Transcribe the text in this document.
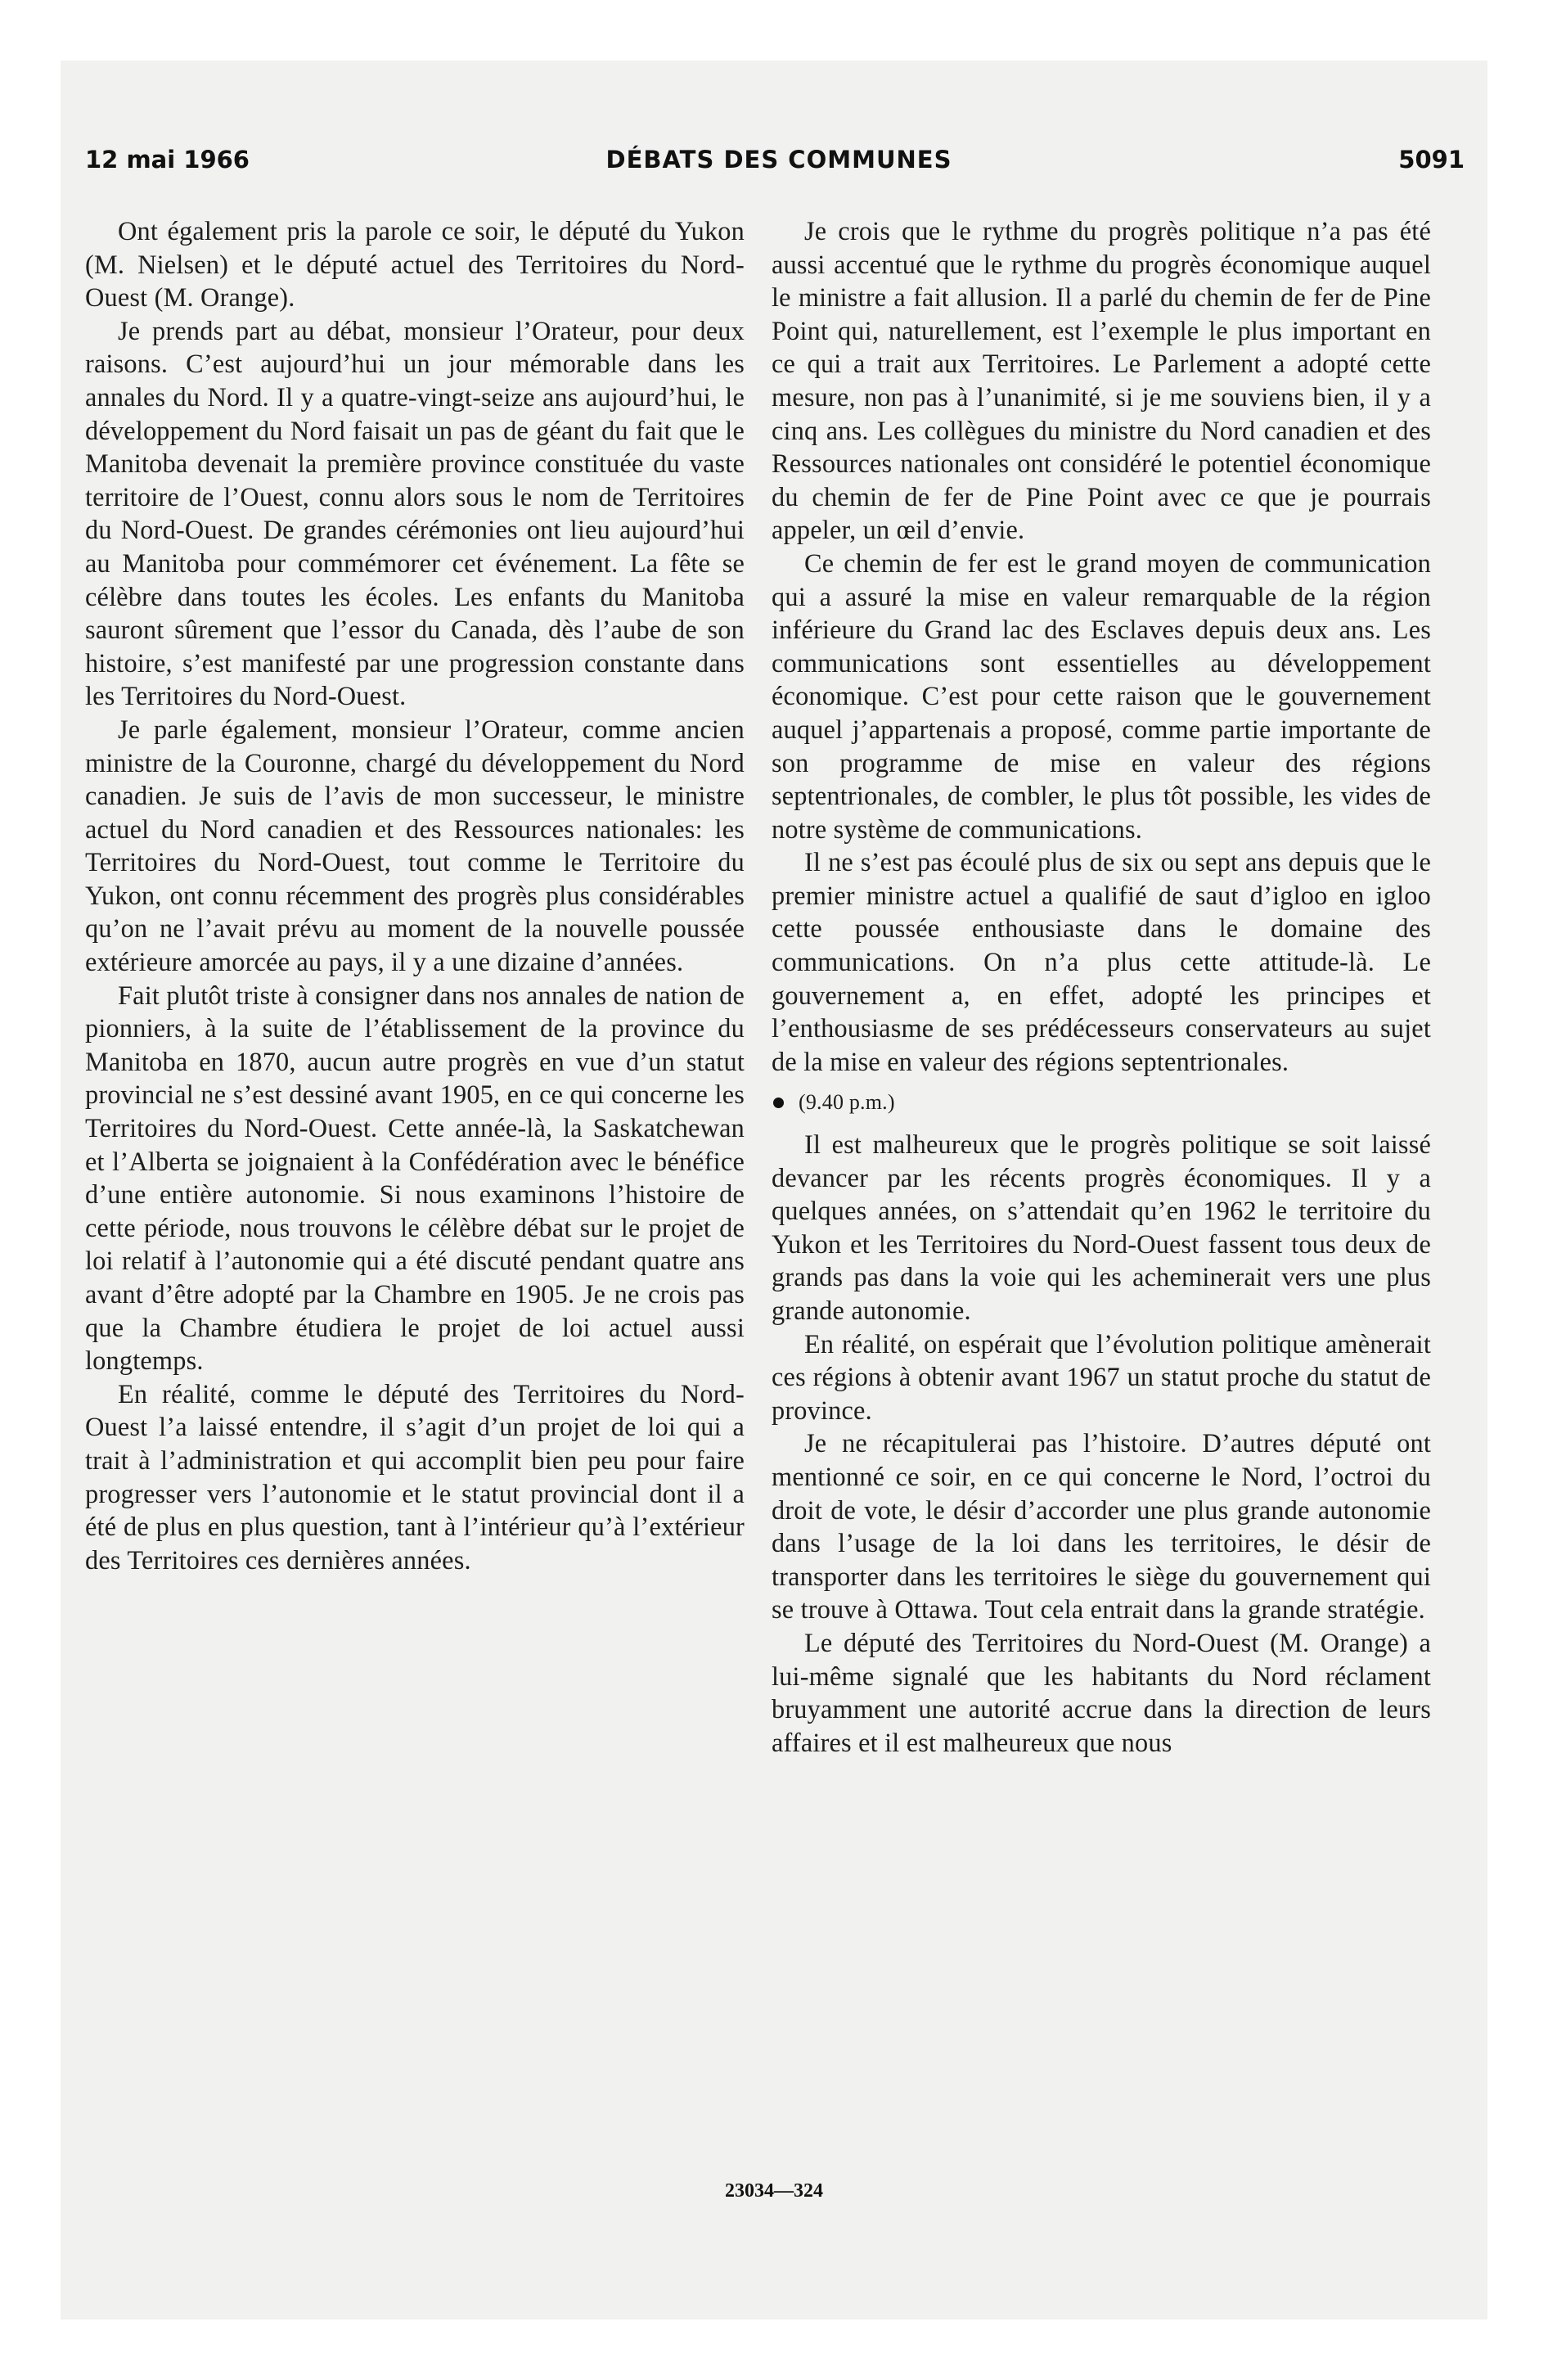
12 mai 1966	DÉBATS DES COMMUNES	5091

Ont également pris la parole ce soir, le député du Yukon (M. Nielsen) et le député actuel des Territoires du Nord-Ouest (M. Orange).

Je prends part au débat, monsieur l’Orateur, pour deux raisons. C’est aujourd’hui un jour mémorable dans les annales du Nord. Il y a quatre-vingt-seize ans aujourd’hui, le développement du Nord faisait un pas de géant du fait que le Manitoba devenait la première province constituée du vaste territoire de l’Ouest, connu alors sous le nom de Territoires du Nord-Ouest. De grandes cérémonies ont lieu aujourd’hui au Manitoba pour commémorer cet événement. La fête se célèbre dans toutes les écoles. Les enfants du Manitoba sauront sûrement que l’essor du Canada, dès l’aube de son histoire, s’est manifesté par une progression constante dans les Territoires du Nord-Ouest.

Je parle également, monsieur l’Orateur, comme ancien ministre de la Couronne, chargé du développement du Nord canadien. Je suis de l’avis de mon successeur, le ministre actuel du Nord canadien et des Ressources nationales: les Territoires du Nord-Ouest, tout comme le Territoire du Yukon, ont connu récemment des progrès plus considérables qu’on ne l’avait prévu au moment de la nouvelle poussée extérieure amorcée au pays, il y a une dizaine d’années.

Fait plutôt triste à consigner dans nos annales de nation de pionniers, à la suite de l’établissement de la province du Manitoba en 1870, aucun autre progrès en vue d’un statut provincial ne s’est dessiné avant 1905, en ce qui concerne les Territoires du Nord-Ouest. Cette année-là, la Saskatchewan et l’Alberta se joignaient à la Confédération avec le bénéfice d’une entière autonomie. Si nous examinons l’histoire de cette période, nous trouvons le célèbre débat sur le projet de loi relatif à l’autonomie qui a été discuté pendant quatre ans avant d’être adopté par la Chambre en 1905. Je ne crois pas que la Chambre étudiera le projet de loi actuel aussi longtemps.

En réalité, comme le député des Territoires du Nord-Ouest l’a laissé entendre, il s’agit d’un projet de loi qui a trait à l’administration et qui accomplit bien peu pour faire progresser vers l’autonomie et le statut provincial dont il a été de plus en plus question, tant à l’intérieur qu’à l’extérieur des Territoires ces dernières années.

Je crois que le rythme du progrès politique n’a pas été aussi accentué que le rythme du progrès économique auquel le ministre a fait allusion. Il a parlé du chemin de fer de Pine Point qui, naturellement, est l’exemple le plus important en ce qui a trait aux Territoires. Le Parlement a adopté cette mesure, non pas à l’unanimité, si je me souviens bien, il y a cinq ans. Les collègues du ministre du Nord canadien et des Ressources nationales ont considéré le potentiel économique du chemin de fer de Pine Point avec ce que je pourrais appeler, un œil d’envie.

Ce chemin de fer est le grand moyen de communication qui a assuré la mise en valeur remarquable de la région inférieure du Grand lac des Esclaves depuis deux ans. Les communications sont essentielles au développement économique. C’est pour cette raison que le gouvernement auquel j’appartenais a proposé, comme partie importante de son programme de mise en valeur des régions septentrionales, de combler, le plus tôt possible, les vides de notre système de communications.

Il ne s’est pas écoulé plus de six ou sept ans depuis que le premier ministre actuel a qualifié de saut d’igloo en igloo cette poussée enthousiaste dans le domaine des communications. On n’a plus cette attitude-là. Le gouvernement a, en effet, adopté les principes et l’enthousiasme de ses prédécesseurs conservateurs au sujet de la mise en valeur des régions septentrionales.

(9.40 p.m.)

Il est malheureux que le progrès politique se soit laissé devancer par les récents progrès économiques. Il y a quelques années, on s’attendait qu’en 1962 le territoire du Yukon et les Territoires du Nord-Ouest fassent tous deux de grands pas dans la voie qui les acheminerait vers une plus grande autonomie.

En réalité, on espérait que l’évolution politique amènerait ces régions à obtenir avant 1967 un statut proche du statut de province.

Je ne récapitulerai pas l’histoire. D’autres député ont mentionné ce soir, en ce qui concerne le Nord, l’octroi du droit de vote, le désir d’accorder une plus grande autonomie dans l’usage de la loi dans les territoires, le désir de transporter dans les territoires le siège du gouvernement qui se trouve à Ottawa. Tout cela entrait dans la grande stratégie.

Le député des Territoires du Nord-Ouest (M. Orange) a lui-même signalé que les habitants du Nord réclament bruyamment une autorité accrue dans la direction de leurs affaires et il est malheureux que nous

23034—324
